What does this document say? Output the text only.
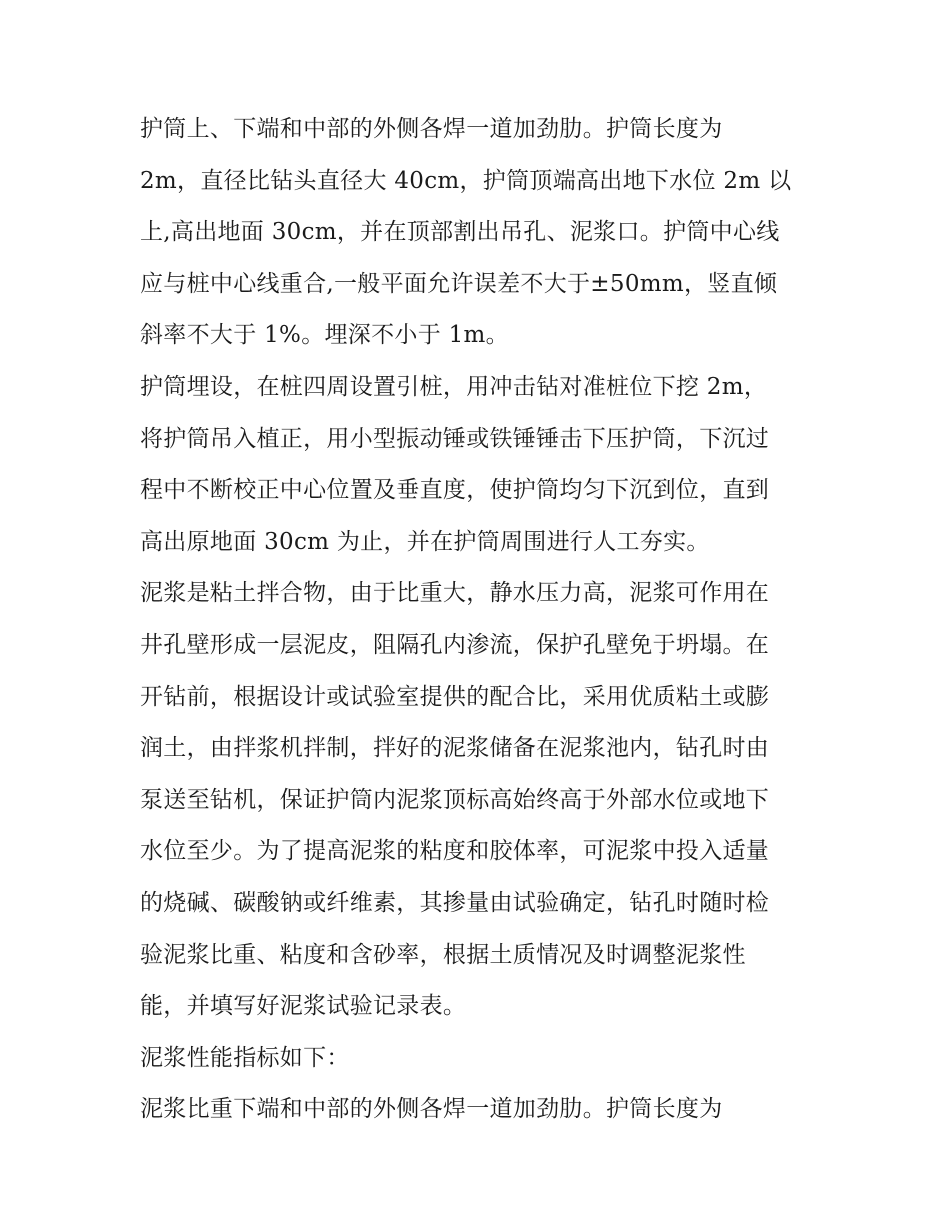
护筒上、下端和中部的外侧各焊一道加劲肋。护筒长度为
2m，直径比钻头直径大 40cm，护筒顶端高出地下水位 2m 以
上,高出地面 30cm，并在顶部割出吊孔、泥浆口。护筒中心线
应与桩中心线重合,一般平面允许误差不大于±50mm，竖直倾
斜率不大于 1%。埋深不小于 1m。
护筒埋设，在桩四周设置引桩，用冲击钻对准桩位下挖 2m，
将护筒吊入植正，用小型振动锤或铁锤锤击下压护筒，下沉过
程中不断校正中心位置及垂直度，使护筒均匀下沉到位，直到
高出原地面 30cm 为止，并在护筒周围进行人工夯实。
泥浆是粘土拌合物，由于比重大，静水压力高，泥浆可作用在
井孔壁形成一层泥皮，阻隔孔内渗流，保护孔壁免于坍塌。在
开钻前，根据设计或试验室提供的配合比，采用优质粘土或膨
润土，由拌浆机拌制，拌好的泥浆储备在泥浆池内，钻孔时由
泵送至钻机，保证护筒内泥浆顶标高始终高于外部水位或地下
水位至少。为了提高泥浆的粘度和胶体率，可泥浆中投入适量
的烧碱、碳酸钠或纤维素，其掺量由试验确定，钻孔时随时检
验泥浆比重、粘度和含砂率，根据土质情况及时调整泥浆性
能，并填写好泥浆试验记录表。
泥浆性能指标如下：
泥浆比重下端和中部的外侧各焊一道加劲肋。护筒长度为
